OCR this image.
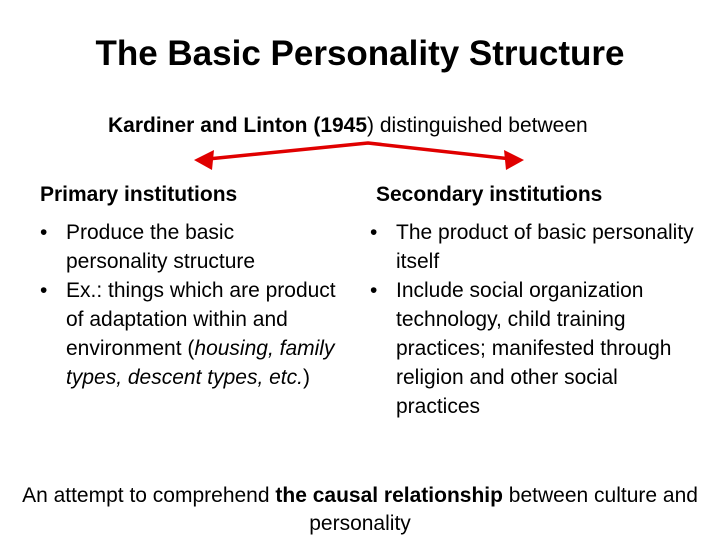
The Basic Personality Structure
Kardiner and Linton (1945) distinguished between
Primary institutions	Secondary institutions
• Produce the basic personality structure
• Ex.: things which are product of adaptation within and environment (housing, family types, descent types, etc.)
• The product of basic personality itself
• Include social organization technology, child training practices; manifested through religion and other social practices
An attempt to comprehend the causal relationship between culture and personality
